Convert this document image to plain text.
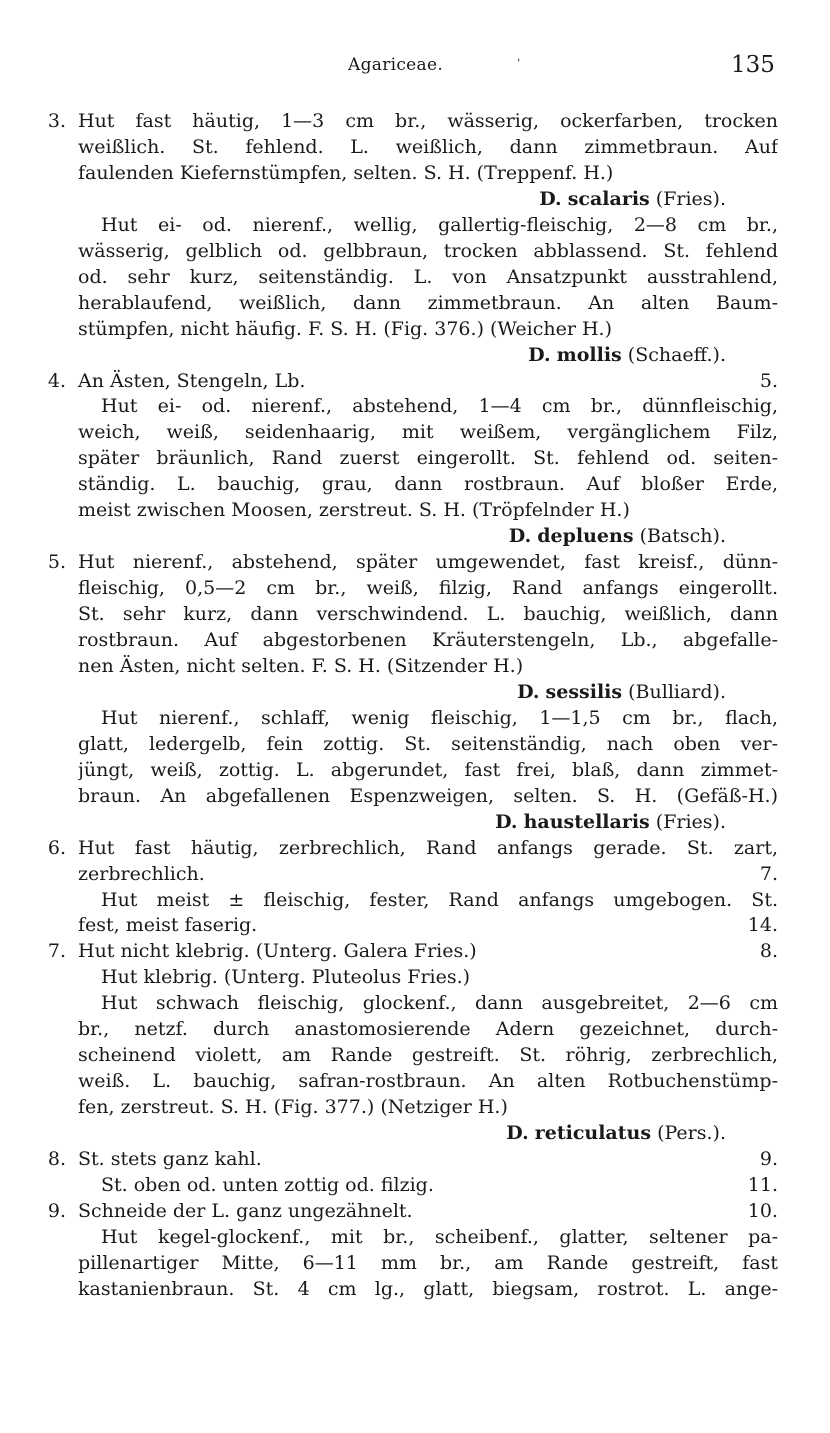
Agariceae.	ˈ	135
3. Hut fast häutig, 1—3 cm br., wässerig, ockerfarben, trocken
weißlich. St. fehlend. L. weißlich, dann zimmetbraun. Auf
faulenden Kiefernstümpfen, selten. S. H. (Treppenf. H.)
D. scalaris (Fries).
Hut ei- od. nierenf., wellig, gallertig-fleischig, 2—8 cm br.,
wässerig, gelblich od. gelbbraun, trocken abblassend. St. fehlend
od. sehr kurz, seitenständig. L. von Ansatzpunkt ausstrahlend,
herablaufend, weißlich, dann zimmetbraun. An alten Baum-
stümpfen, nicht häufig. F. S. H. (Fig. 376.) (Weicher H.)
D. mollis (Schaeff.).
4. An Ästen, Stengeln, Lb.	5.
Hut ei- od. nierenf., abstehend, 1—4 cm br., dünnfleischig,
weich, weiß, seidenhaarig, mit weißem, vergänglichem Filz,
später bräunlich, Rand zuerst eingerollt. St. fehlend od. seiten-
ständig. L. bauchig, grau, dann rostbraun. Auf bloßer Erde,
meist zwischen Moosen, zerstreut. S. H. (Tröpfelnder H.)
D. depluens (Batsch).
5. Hut nierenf., abstehend, später umgewendet, fast kreisf., dünn-
fleischig, 0,5—2 cm br., weiß, filzig, Rand anfangs eingerollt.
St. sehr kurz, dann verschwindend. L. bauchig, weißlich, dann
rostbraun. Auf abgestorbenen Kräuterstengeln, Lb., abgefalle-
nen Ästen, nicht selten. F. S. H. (Sitzender H.)
D. sessilis (Bulliard).
Hut nierenf., schlaff, wenig fleischig, 1—1,5 cm br., flach,
glatt, ledergelb, fein zottig. St. seitenständig, nach oben ver-
jüngt, weiß, zottig. L. abgerundet, fast frei, blaß, dann zimmet-
braun. An abgefallenen Espenzweigen, selten. S. H. (Gefäß-H.)
D. haustellaris (Fries).
6. Hut fast häutig, zerbrechlich, Rand anfangs gerade. St. zart,
zerbrechlich.	7.
Hut meist ± fleischig, fester, Rand anfangs umgebogen. St.
fest, meist faserig.	14.
7. Hut nicht klebrig. (Unterg. Galera Fries.)	8.
Hut klebrig. (Unterg. Pluteolus Fries.)
Hut schwach fleischig, glockenf., dann ausgebreitet, 2—6 cm
br., netzf. durch anastomosierende Adern gezeichnet, durch-
scheinend violett, am Rande gestreift. St. röhrig, zerbrechlich,
weiß. L. bauchig, safran-rostbraun. An alten Rotbuchenstümp-
fen, zerstreut. S. H. (Fig. 377.) (Netziger H.)
D. reticulatus (Pers.).
8. St. stets ganz kahl.	9.
St. oben od. unten zottig od. filzig.	11.
9. Schneide der L. ganz ungezähnelt.	10.
Hut kegel-glockenf., mit br., scheibenf., glatter, seltener pa-
pillenartiger Mitte, 6—11 mm br., am Rande gestreift, fast
kastanienbraun. St. 4 cm lg., glatt, biegsam, rostrot. L. ange-
